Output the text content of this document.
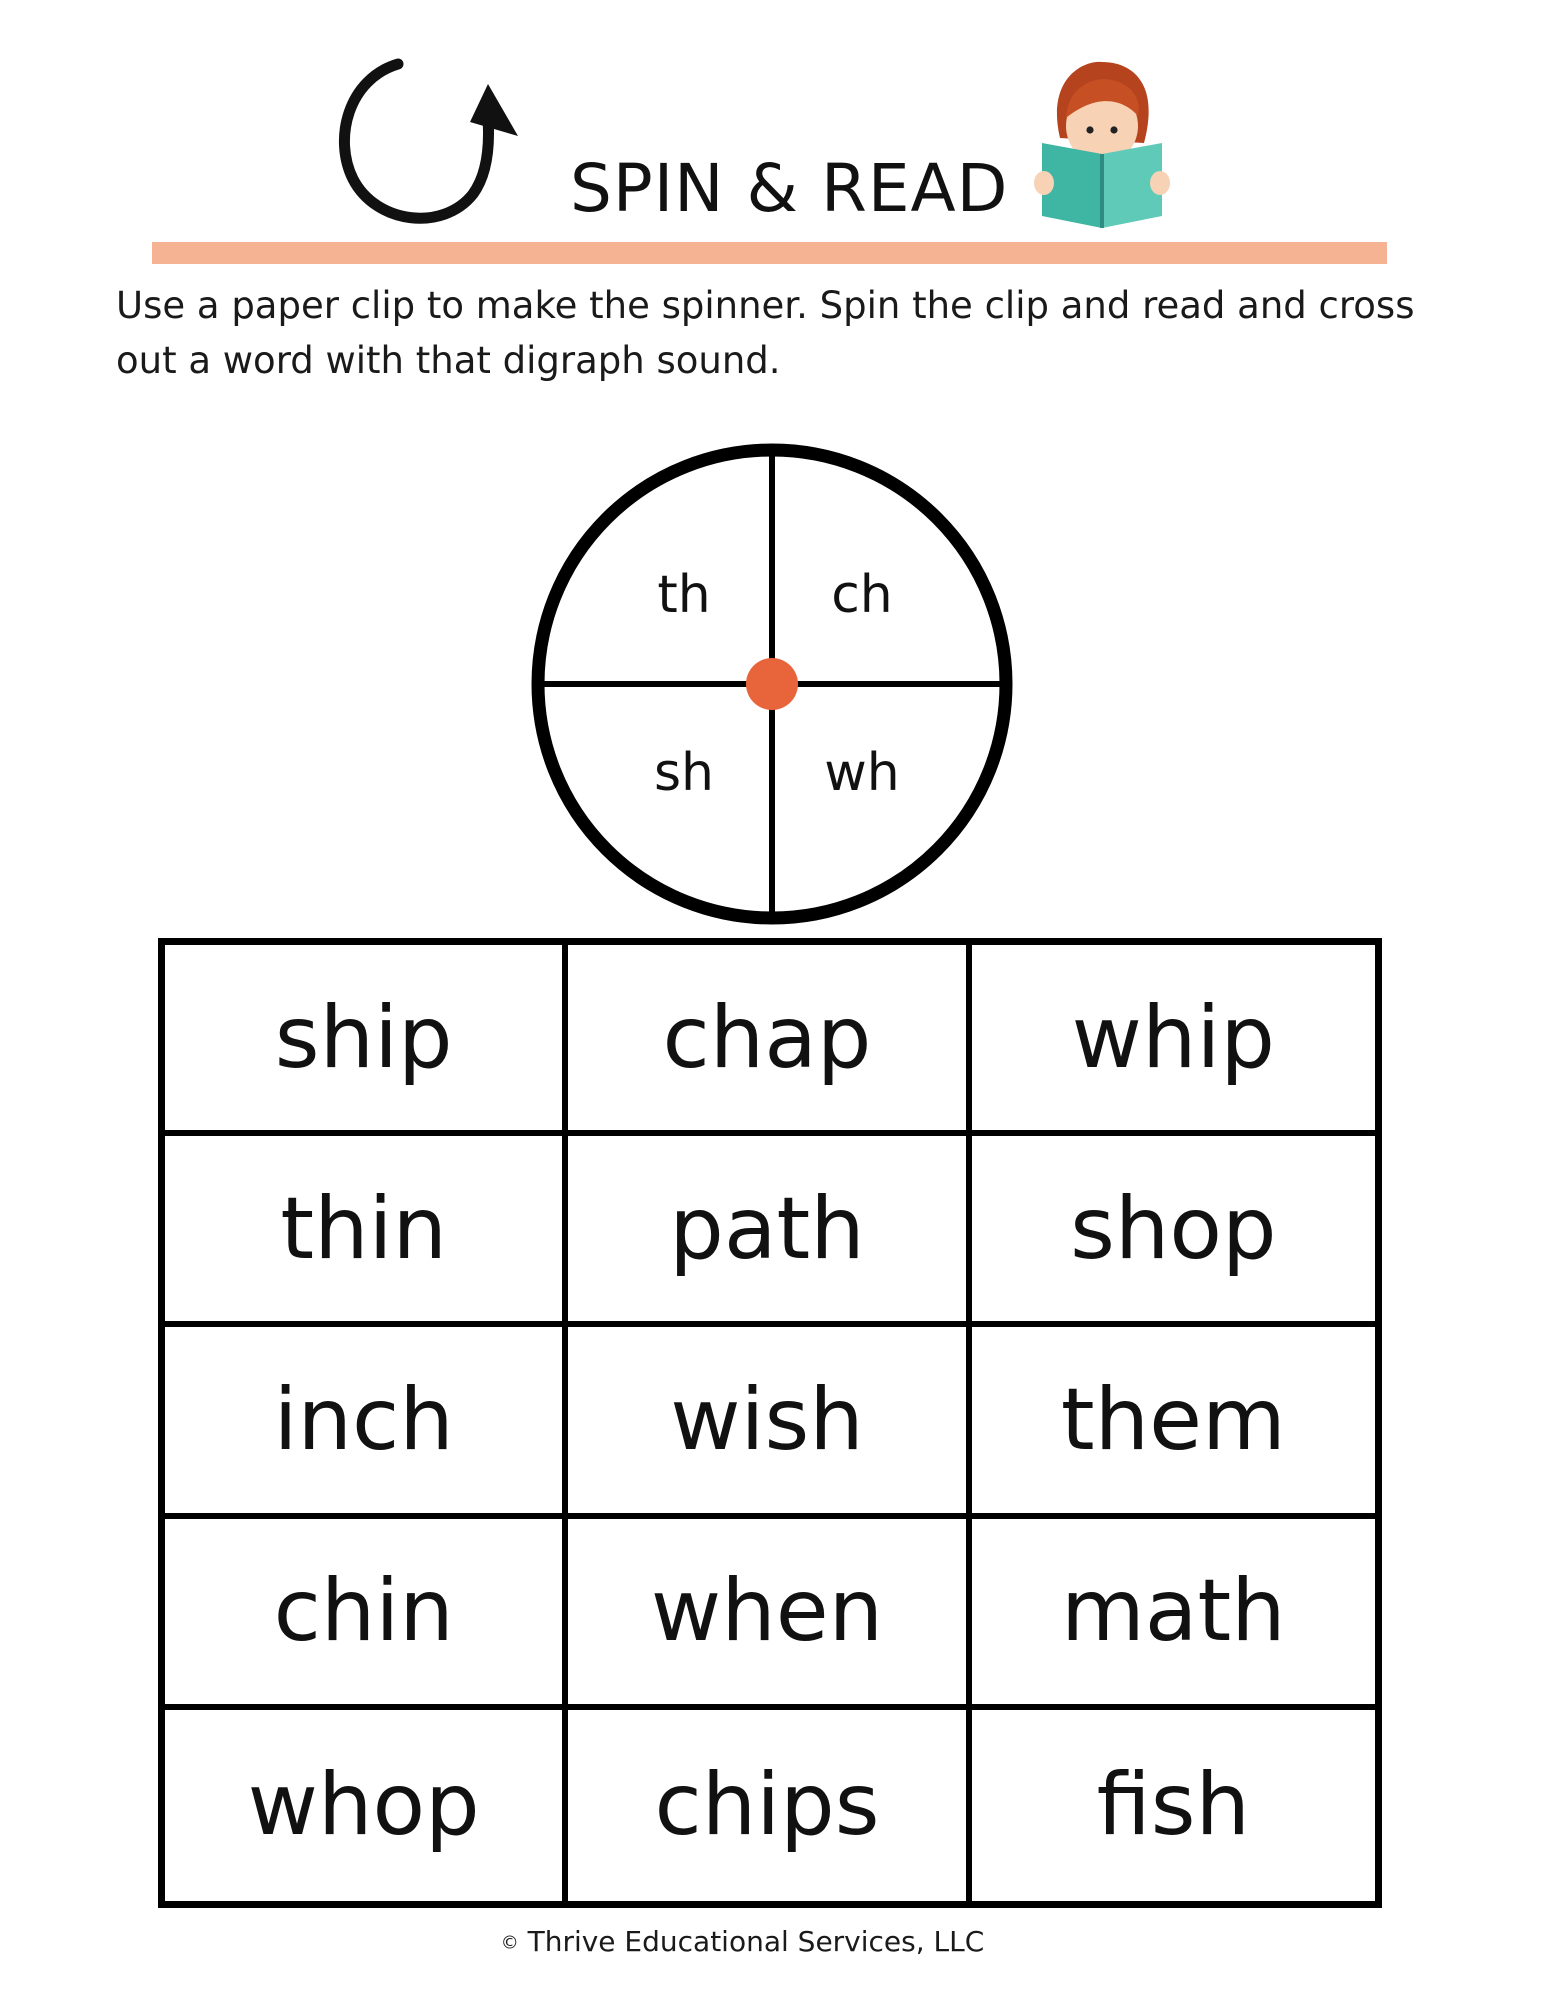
SPIN & READ
Use a paper clip to make the spinner. Spin the clip and read and cross out a word with that digraph sound.
th ch
sh wh
ship	chap	whip
thin	path	shop
inch	wish	them
chin	when	math
whop	chips	fish
© Thrive Educational Services, LLC
